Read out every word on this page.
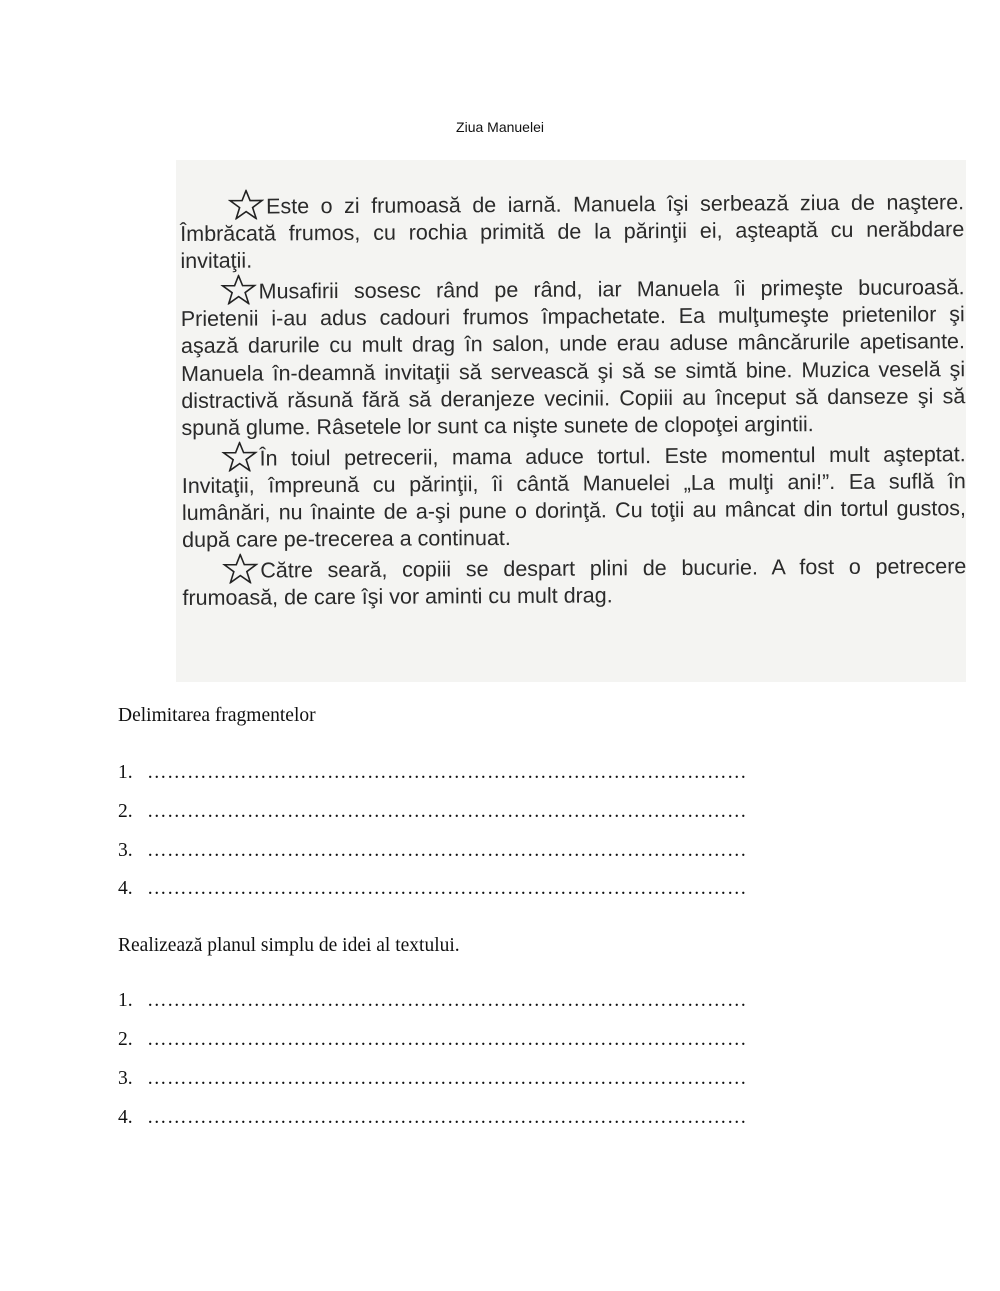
Ziua Manuelei

Este o zi frumoasă de iarnă. Manuela îşi serbează ziua de naştere. Îmbrăcată frumos, cu rochia primită de la părinţii ei, aşteaptă cu nerăbdare invitaţii.

Musafirii sosesc rând pe rând, iar Manuela îi primeşte bucuroasă. Prietenii i-au adus cadouri frumos împachetate. Ea mulţumeşte prietenilor şi aşază darurile cu mult drag în salon, unde erau aduse mâncărurile apetisante. Manuela în-deamnă invitaţii să servească şi să se simtă bine. Muzica veselă şi distractivă răsună fără să deranjeze vecinii. Copiii au început să danseze şi să spună glume. Râsetele lor sunt ca nişte sunete de clopoţei argintii.

În toiul petrecerii, mama aduce tortul. Este momentul mult aşteptat. Invitaţii, împreună cu părinţii, îi cântă Manuelei „La mulţi ani!”. Ea suflă în lumânări, nu înainte de a-şi pune o dorinţă. Cu toţii au mâncat din tortul gustos, după care pe-trecerea a continuat.

Către seară, copiii se despart plini de bucurie. A fost o petrecere frumoasă, de care îşi vor aminti cu mult drag.

Delimitarea fragmentelor
1. ………………………………………………………………………………
2. ………………………………………………………………………………
3. ………………………………………………………………………………
4. ………………………………………………………………………………
Realizează planul simplu de idei al textului.
1. ………………………………………………………………………………
2. ………………………………………………………………………………
3. ………………………………………………………………………………
4. ………………………………………………………………………………
